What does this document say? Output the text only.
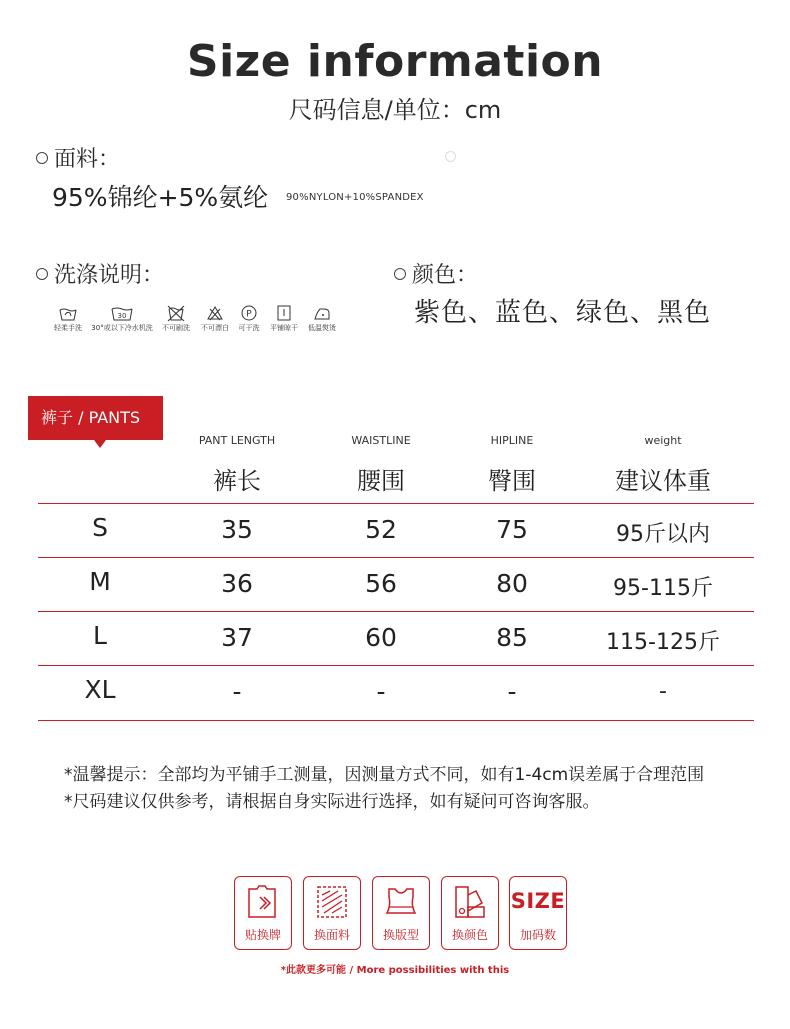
Size information
尺码信息/单位：cm
面料：
95%锦纶+5%氨纶 90%NYLON+10%SPANDEX
洗涤说明：
轻柔手洗
30
30°或以下冷水机洗	不可刷洗	不可漂白
P
可干洗	平铺晾干	低温熨烫
颜色：
紫色、蓝色、绿色、黑色
裤子 / PANTS
PANT LENGTH	WAISTLINE	HIPLINE	weight
裤长	腰围	臀围	建议体重
S	35	52	75	95斤以内
M	36	56	80	95-115斤
L	37	60	85	115-125斤
XL	-	-	-	-
*温馨提示：全部均为平铺手工测量，因测量方式不同，如有1-4cm误差属于合理范围
*尺码建议仅供参考，请根据自身实际进行选择，如有疑问可咨询客服。
贴换牌	换面料	换版型	换颜色
SIZE
加码数
*此款更多可能 / More possibilities with this
